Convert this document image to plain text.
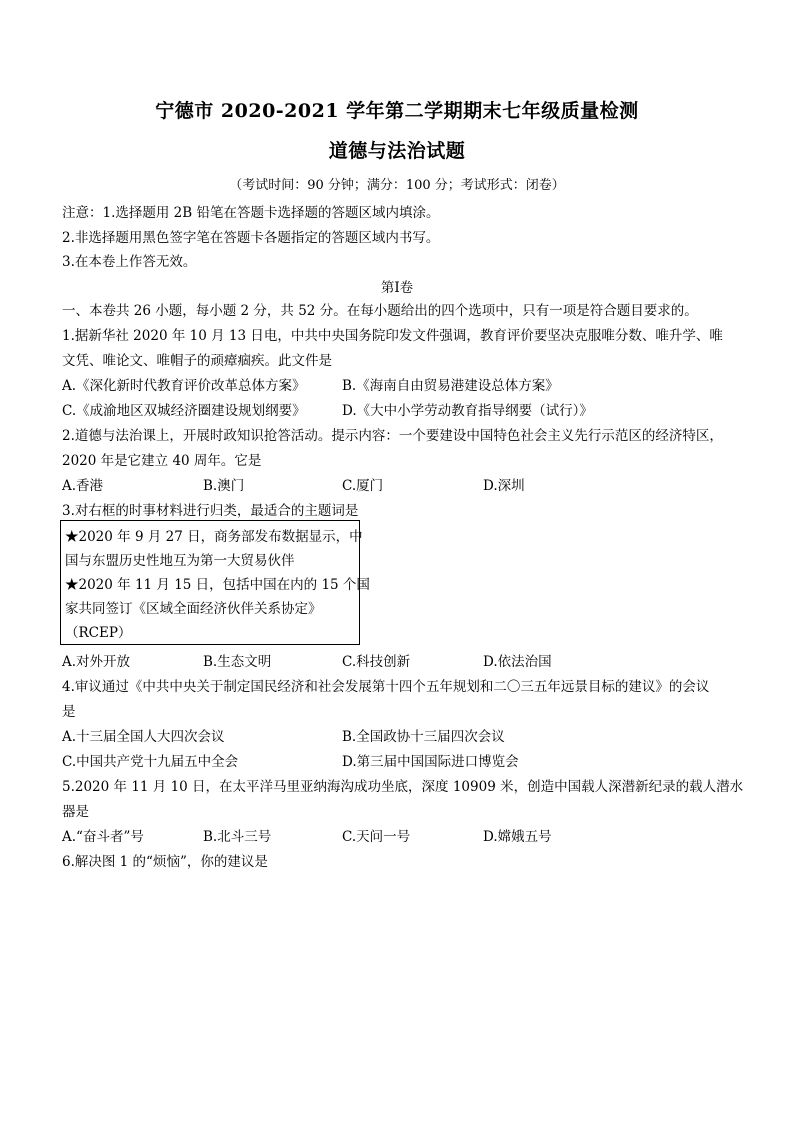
宁德市 2020-2021 学年第二学期期末七年级质量检测
道德与法治试题
（考试时间：90 分钟；满分：100 分；考试形式：闭卷）
注意：1.选择题用 2B 铅笔在答题卡选择题的答题区域内填涂。
2.非选择题用黑色签字笔在答题卡各题指定的答题区域内书写。
3.在本卷上作答无效。
第Ⅰ卷
一、本卷共 26 小题，每小题 2 分，共 52 分。在每小题给出的四个选项中，只有一项是符合题目要求的。
1.据新华社 2020 年 10 月 13 日电，中共中央国务院印发文件强调，教育评价要坚决克服唯分数、唯升学、唯
文凭、唯论文、唯帽子的顽瘴痼疾。此文件是
A.《深化新时代教育评价改革总体方案》	B.《海南自由贸易港建设总体方案》
C.《成渝地区双城经济圈建设规划纲要》	D.《大中小学劳动教育指导纲要（试行）》
2.道德与法治课上，开展时政知识抢答活动。提示内容：一个要建设中国特色社会主义先行示范区的经济特区，
2020 年是它建立 40 周年。它是
A.香港	B.澳门	C.厦门	D.深圳
3.对右框的时事材料进行归类，最适合的主题词是
★2020 年 9 月 27 日，商务部发布数据显示，中
国与东盟历史性地互为第一大贸易伙伴
★2020 年 11 月 15 日，包括中国在内的 15 个国
家共同签订《区域全面经济伙伴关系协定》
（RCEP）
A.对外开放	B.生态文明	C.科技创新	D.依法治国
4.审议通过《中共中央关于制定国民经济和社会发展第十四个五年规划和二〇三五年远景目标的建议》的会议
是
A.十三届全国人大四次会议	B.全国政协十三届四次会议
C.中国共产党十九届五中全会	D.第三届中国国际进口博览会
5.2020 年 11 月 10 日，在太平洋马里亚纳海沟成功坐底，深度 10909 米，创造中国载人深潜新纪录的载人潜水
器是
A.“奋斗者”号	B.北斗三号	C.天问一号	D.嫦娥五号
6.解决图 1 的“烦恼”，你的建议是
